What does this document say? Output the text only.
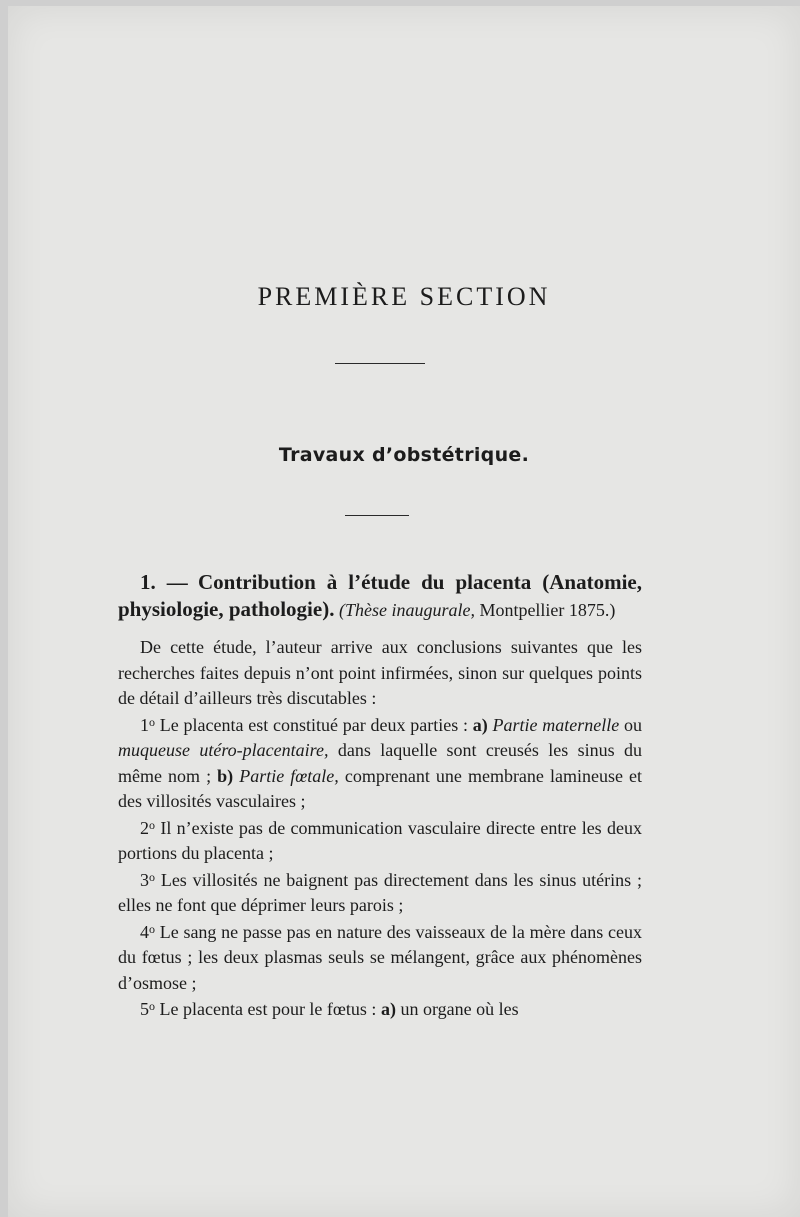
PREMIÈRE SECTION
Travaux d’obstétrique.

1. — Contribution à l’étude du placenta (Anatomie, physiologie, pathologie). (Thèse inaugurale, Montpellier 1875.)

De cette étude, l’auteur arrive aux conclusions suivantes que les recherches faites depuis n’ont point infirmées, sinon sur quelques points de détail d’ailleurs très discutables :

1$^o$ Le placenta est constitué par deux parties : a) Partie maternelle ou muqueuse utéro-placentaire, dans laquelle sont creusés les sinus du même nom ; b) Partie fœtale, comprenant une membrane lamineuse et des villosités vasculaires ;

2$^o$ Il n’existe pas de communication vasculaire directe entre les deux portions du placenta ;

3$^o$ Les villosités ne baignent pas directement dans les sinus utérins ; elles ne font que déprimer leurs parois ;

4$^o$ Le sang ne passe pas en nature des vaisseaux de la mère dans ceux du fœtus ; les deux plasmas seuls se mélangent, grâce aux phénomènes d’osmose ;

5$^o$ Le placenta est pour le fœtus : a) un organe où les
